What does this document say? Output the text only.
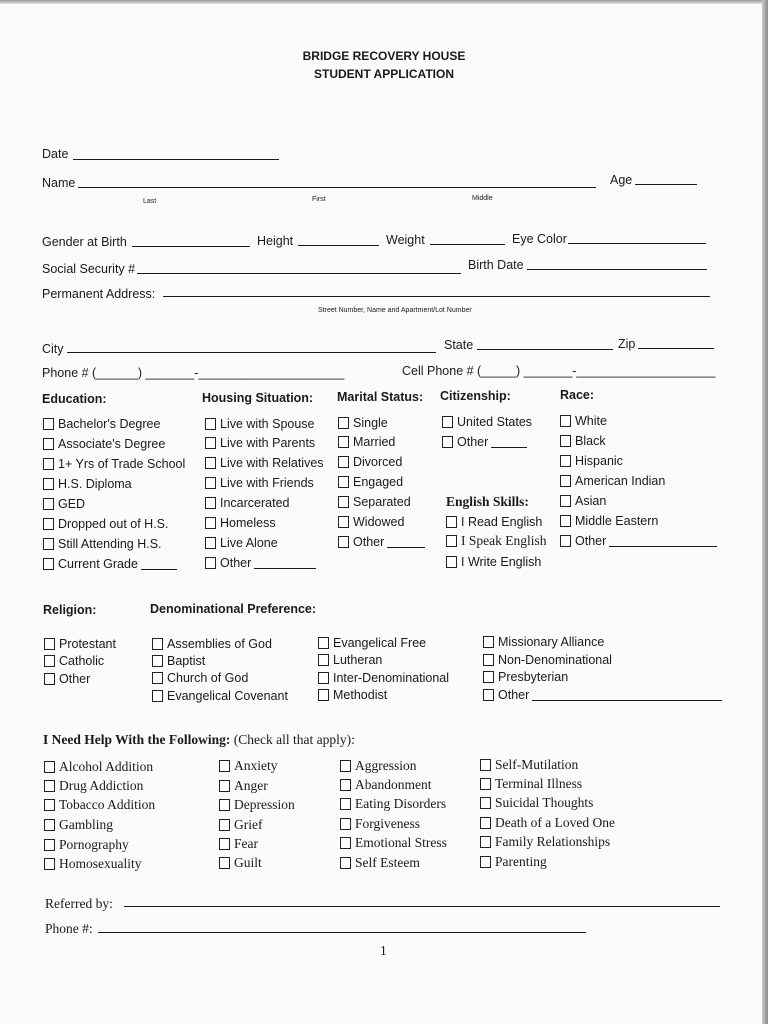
BRIDGE RECOVERY HOUSE
STUDENT APPLICATION
Date
Name	Age
Last	First	Middle
Gender at Birth	Height	Weight	Eye Color
Social Security #	Birth Date
Permanent Address:
Street Number, Name and Apartment/Lot Number
City	State	Zip
Phone # (______) _______-_____________________	Cell Phone # (_____) _______-____________________
Education:	Housing Situation: Marital Status: Citizenship:	Race:
Bachelor's Degree
Associate's Degree
1+ Yrs of Trade School
H.S. Diploma
GED
Dropped out of H.S.
Still Attending H.S.
Current Grade
Live with Spouse
Live with Parents
Live with Relatives
Live with Friends
Incarcerated
Homeless
Live Alone
Other
Single
Married
Divorced
Engaged
Separated
Widowed
Other
United States
Other
English Skills:
I Read English
I Speak English
I Write English
White
Black
Hispanic
American Indian
Asian
Middle Eastern
Other
Religion:	Denominational Preference:
Protestant
Catholic
Other
Assemblies of God
Baptist
Church of God
Evangelical Covenant
Evangelical Free
Lutheran
Inter-Denominational
Methodist
Missionary Alliance
Non-Denominational
Presbyterian
Other
I Need Help With the Following: (Check all that apply):
Alcohol Addition
Drug Addiction
Tobacco Addition
Gambling
Pornography
Homosexuality
Anxiety
Anger
Depression
Grief
Fear
Guilt
Aggression
Abandonment
Eating Disorders
Forgiveness
Emotional Stress
Self Esteem
Self-Mutilation
Terminal Illness
Suicidal Thoughts
Death of a Loved One
Family Relationships
Parenting
Referred by:
Phone #:
1
